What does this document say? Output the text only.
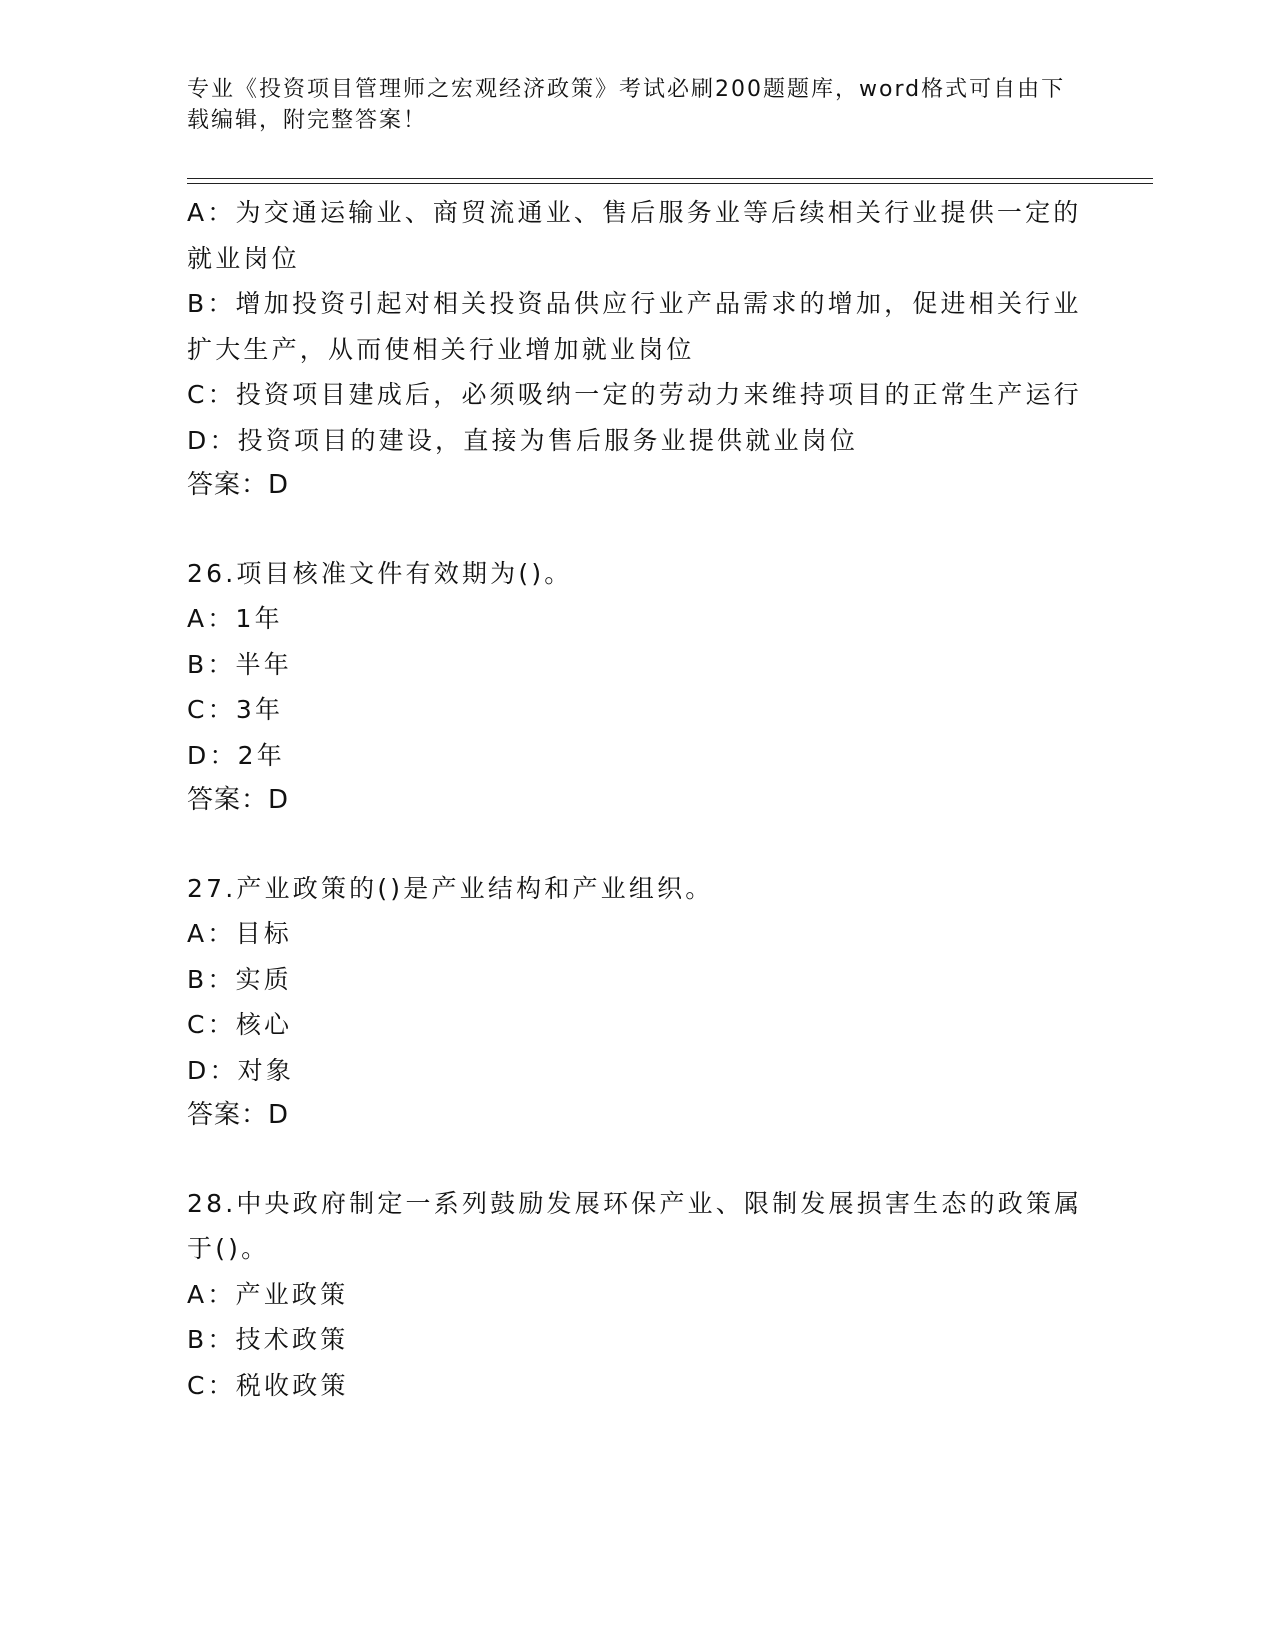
专业《投资项目管理师之宏观经济政策》考试必刷200题题库，word格式可自由下载编辑，附完整答案！

A：为交通运输业、商贸流通业、售后服务业等后续相关行业提供一定的就业岗位

B：增加投资引起对相关投资品供应行业产品需求的增加，促进相关行业扩大生产，从而使相关行业增加就业岗位

C：投资项目建成后，必须吸纳一定的劳动力来维持项目的正常生产运行

D：投资项目的建设，直接为售后服务业提供就业岗位

答案：D

26.项目核准文件有效期为()。

A：1年

B：半年

C：3年

D：2年

答案：D

27.产业政策的()是产业结构和产业组织。

A：目标

B：实质

C：核心

D：对象

答案：D

28.中央政府制定一系列鼓励发展环保产业、限制发展损害生态的政策属于()。

A：产业政策

B：技术政策

C：税收政策
